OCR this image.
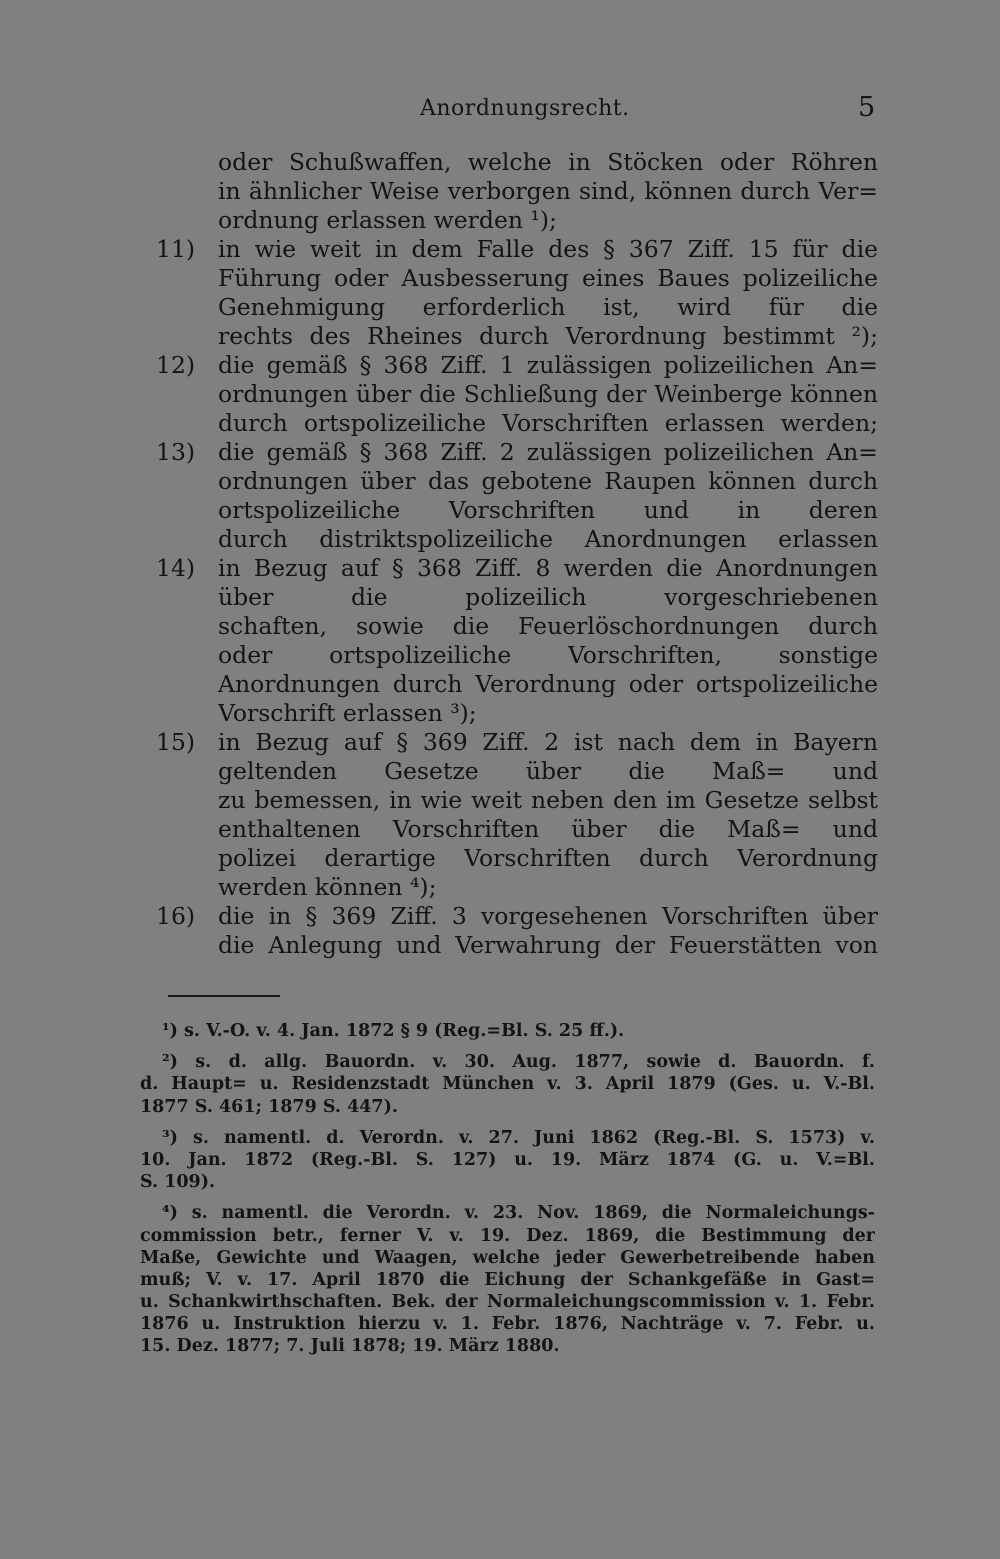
Anordnungsrecht.	5
oder Schußwaffen, welche in Stöcken oder Röhren
in ähnlicher Weise verborgen sind, können durch Ver=
ordnung erlassen werden ¹);
11) in wie weit in dem Falle des § 367 Ziff. 15 für die
Führung oder Ausbesserung eines Baues polizeiliche
Genehmigung erforderlich ist, wird für die
rechts des Rheines durch Verordnung bestimmt ²);
12) die gemäß § 368 Ziff. 1 zulässigen polizeilichen An=
ordnungen über die Schließung der Weinberge können
durch ortspolizeiliche Vorschriften erlassen werden;
13) die gemäß § 368 Ziff. 2 zulässigen polizeilichen An=
ordnungen über das gebotene Raupen können durch
ortspolizeiliche Vorschriften und in deren
durch distriktspolizeiliche Anordnungen erlassen
14) in Bezug auf § 368 Ziff. 8 werden die Anordnungen
über die polizeilich vorgeschriebenen
schaften, sowie die Feuerlöschordnungen durch
oder ortspolizeiliche Vorschriften, sonstige
Anordnungen durch Verordnung oder ortspolizeiliche
Vorschrift erlassen ³);
15) in Bezug auf § 369 Ziff. 2 ist nach dem in Bayern
geltenden Gesetze über die Maß= und
zu bemessen, in wie weit neben den im Gesetze selbst
enthaltenen Vorschriften über die Maß= und
polizei derartige Vorschriften durch Verordnung
werden können ⁴);
16) die in § 369 Ziff. 3 vorgesehenen Vorschriften über
die Anlegung und Verwahrung der Feuerstätten von
¹) s. V.-O. v. 4. Jan. 1872 § 9 (Reg.=Bl. S. 25 ff.).
²) s. d. allg. Bauordn. v. 30. Aug. 1877, sowie d. Bauordn. f.
d. Haupt= u. Residenzstadt München v. 3. April 1879 (Ges. u. V.-Bl.
1877 S. 461; 1879 S. 447).
³) s. namentl. d. Verordn. v. 27. Juni 1862 (Reg.-Bl. S. 1573) v.
10. Jan. 1872 (Reg.-Bl. S. 127) u. 19. März 1874 (G. u. V.=Bl.
S. 109).
⁴) s. namentl. die Verordn. v. 23. Nov. 1869, die Normaleichungs-
commission betr., ferner V. v. 19. Dez. 1869, die Bestimmung der
Maße, Gewichte und Waagen, welche jeder Gewerbetreibende haben
muß; V. v. 17. April 1870 die Eichung der Schankgefäße in Gast=
u. Schankwirthschaften. Bek. der Normaleichungscommission v. 1. Febr.
1876 u. Instruktion hierzu v. 1. Febr. 1876, Nachträge v. 7. Febr. u.
15. Dez. 1877; 7. Juli 1878; 19. März 1880.
